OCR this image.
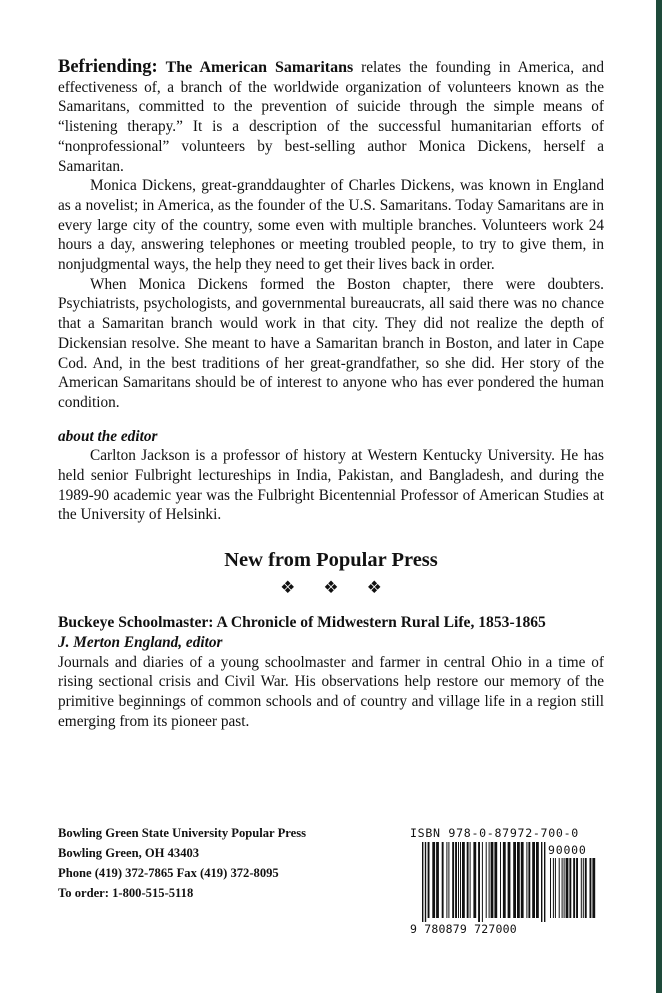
Befriending: The American Samaritans relates the founding in America, and effectiveness of, a branch of the worldwide organization of volunteers known as the Samaritans, committed to the prevention of suicide through the simple means of “listening therapy.” It is a description of the successful humanitarian efforts of “nonprofessional” volunteers by best-selling author Monica Dickens, herself a Samaritan.

Monica Dickens, great-granddaughter of Charles Dickens, was known in England as a novelist; in America, as the founder of the U.S. Samaritans. Today Samaritans are in every large city of the country, some even with multiple branches. Volunteers work 24 hours a day, answering telephones or meeting troubled people, to try to give them, in nonjudgmental ways, the help they need to get their lives back in order.

When Monica Dickens formed the Boston chapter, there were doubters. Psychiatrists, psychologists, and governmental bureaucrats, all said there was no chance that a Samaritan branch would work in that city. They did not realize the depth of Dickensian resolve. She meant to have a Samaritan branch in Boston, and later in Cape Cod. And, in the best traditions of her great-grandfather, so she did. Her story of the American Samaritans should be of interest to anyone who has ever pondered the human condition.

about the editor

Carlton Jackson is a professor of history at Western Kentucky University. He has held senior Fulbright lectureships in India, Pakistan, and Bangladesh, and during the 1989-90 academic year was the Fulbright Bicentennial Professor of American Studies at the University of Helsinki.

New from Popular Press

❖ ❖ ❖

Buckeye Schoolmaster: A Chronicle of Midwestern Rural Life, 1853-1865

J. Merton England, editor

Journals and diaries of a young schoolmaster and farmer in central Ohio in a time of rising sectional crisis and Civil War. His observations help restore our memory of the primitive beginnings of common schools and of country and village life in a region still emerging from its pioneer past.

Bowling Green State University Popular Press
Bowling Green, OH 43403
Phone (419) 372-7865 Fax (419) 372-8095
To order: 1-800-515-5118
ISBN 978-0-87972-700-0
90000
9 780879 727000
